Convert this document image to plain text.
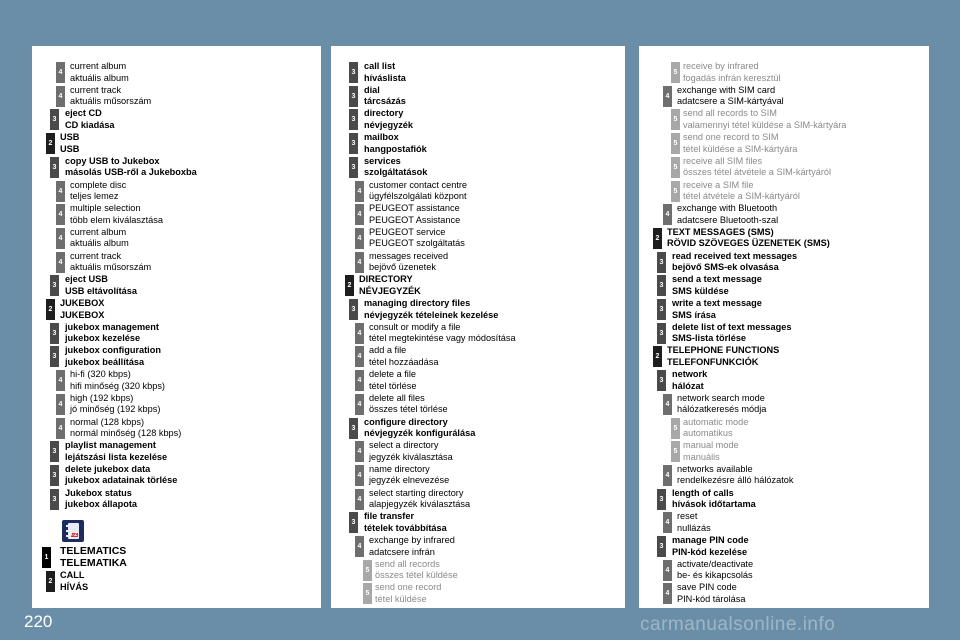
4
current album
aktuális album
4
current track
aktuális műsorszám
3
eject CD
CD kiadása
2
USB
USB
3
copy USB to Jukebox
másolás USB-ről a Jukeboxba
4
complete disc
teljes lemez
4
multiple selection
több elem kiválasztása
4
current album
aktuális album
4
current track
aktuális műsorszám
3
eject USB
USB eltávolítása
2
JUKEBOX
JUKEBOX
3
jukebox management
jukebox kezelése
3
jukebox configuration
jukebox beállítása
4
hi-fi (320 kbps)
hifi minőség (320 kbps)
4
high (192 kbps)
jó minőség (192 kbps)
4
normal (128 kbps)
normál minőség (128 kbps)
3
playlist management
lejátszási lista kezelése
3
delete jukebox data
jukebox adatainak törlése
3
Jukebox status
jukebox állapota
A-Z
1
TELEMATICS
TELEMATIKA
2
CALL
HÍVÁS
3
call list
híváslista
3
dial
tárcsázás
3
directory
névjegyzék
3
mailbox
hangpostafiók
3
services
szolgáltatások
4
customer contact centre
ügyfélszolgálati központ
4
PEUGEOT assistance
PEUGEOT Assistance
4
PEUGEOT service
PEUGEOT szolgáltatás
4
messages received
bejövő üzenetek
2
DIRECTORY
NÉVJEGYZÉK
3
managing directory files
névjegyzék tételeinek kezelése
4
consult or modify a file
tétel megtekintése vagy módosítása
4
add a file
tétel hozzáadása
4
delete a file
tétel törlése
4
delete all files
összes tétel törlése
3
configure directory
névjegyzék konfigurálása
4
select a directory
jegyzék kiválasztása
4
name directory
jegyzék elnevezése
4
select starting directory
alapjegyzék kiválasztása
3
file transfer
tételek továbbítása
4
exchange by infrared
adatcsere infrán
5
send all records
összes tétel küldése
5
send one record
tétel küldése
5
receive by infrared
fogadás infrán keresztül
4
exchange with SIM card
adatcsere a SIM-kártyával
5
send all records to SIM
valamennyi tétel küldése a SIM-kártyára
5
send one record to SIM
tétel küldése a SIM-kártyára
5
receive all SIM files
összes tétel átvétele a SIM-kártyáról
5
receive a SIM file
tétel átvétele a SIM-kártyáról
4
exchange with Bluetooth
adatcsere Bluetooth-szal
2
TEXT MESSAGES (SMS)
RÖVID SZÖVEGES ÜZENETEK (SMS)
3
read received text messages
bejövő SMS-ek olvasása
3
send a text message
SMS küldése
3
write a text message
SMS írása
3
delete list of text messages
SMS-lista törlése
2
TELEPHONE FUNCTIONS
TELEFONFUNKCIÓK
3
network
hálózat
4
network search mode
hálózatkeresés módja
5
automatic mode
automatikus
5
manual mode
manuális
4
networks available
rendelkezésre álló hálózatok
3
length of calls
hívások időtartama
4
reset
nullázás
3
manage PIN code
PIN-kód kezelése
4
activate/deactivate
be- és kikapcsolás
4
save PIN code
PIN-kód tárolása
220	carmanualsonline.info
